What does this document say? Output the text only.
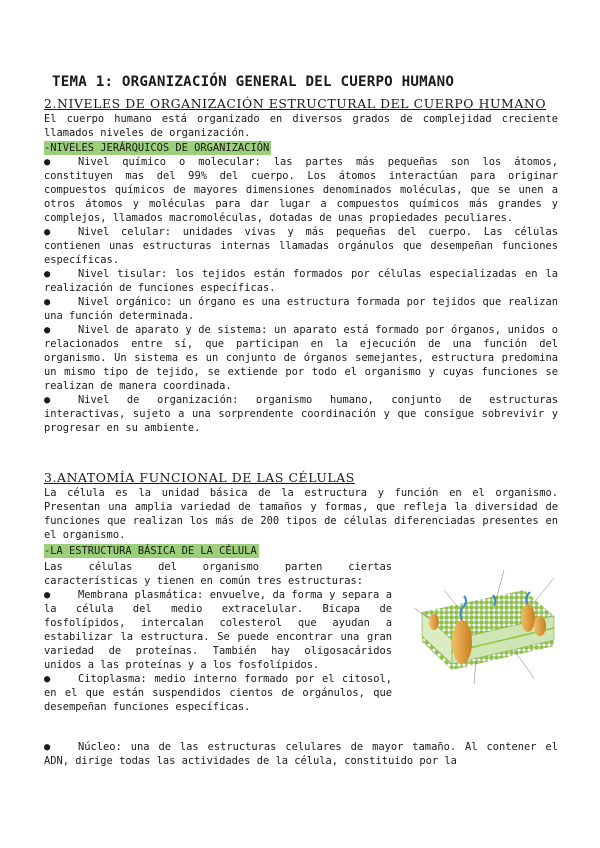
TEMA 1: ORGANIZACIÓN GENERAL DEL CUERPO HUMANO
2.NIVELES DE ORGANIZACIÓN ESTRUCTURAL DEL CUERPO HUMANO

El cuerpo humano está organizado en diversos grados de complejidad creciente llamados niveles de organización.

-NIVELES JERÁRQUICOS DE ORGANIZACIÓN

●	Nivel químico o molecular: las partes más pequeñas son los átomos, constituyen mas del 99% del cuerpo. Los átomos interactúan para originar compuestos químicos de mayores dimensiones denominados moléculas, que se unen a otros átomos y moléculas para dar lugar a compuestos químicos más grandes y complejos, llamados macromoléculas, dotadas de unas propiedades peculiares.

●	Nivel celular: unidades vivas y más pequeñas del cuerpo. Las células contienen unas estructuras internas llamadas orgánulos que desempeñan funciones específicas.

●	Nivel tisular: los tejidos están formados por células especializadas en la realización de funciones específicas.

●	Nivel orgánico: un órgano es una estructura formada por tejidos que realizan una función determinada.

●	Nivel de aparato y de sistema: un aparato está formado por órganos, unidos o relacionados entre sí, que participan en la ejecución de una función del organismo. Un sistema es un conjunto de órganos semejantes, estructura predomina un mismo tipo de tejido, se extiende por todo el organismo y cuyas funciones se realizan de manera coordinada.

●	Nivel de organización: organismo humano, conjunto de estructuras interactivas, sujeto a una sorprendente coordinación y que consigue sobrevivir y progresar en su ambiente.

3.ANATOMÍA FUNCIONAL DE LAS CÉLULAS

La célula es la unidad básica de la estructura y función en el organismo. Presentan una amplia variedad de tamaños y formas, que refleja la diversidad de funciones que realizan los más de 200 tipos de células diferenciadas presentes en el organismo.

-LA ESTRUCTURA BÁSICA DE LA CÉLULA

Las células del organismo parten ciertas características y tienen en común tres estructuras:

●	Membrana plasmática: envuelve, da forma y separa a la célula del medio extracelular. Bicapa de fosfolípidos, intercalan colesterol que ayudan a estabilizar la estructura. Se puede encontrar una gran variedad de proteínas. También hay oligosacáridos unidos a las proteínas y a los fosfolípidos.

●	Citoplasma: medio interno formado por el citosol, en el que están suspendidos cientos de orgánulos, que desempeñan funciones específicas.

●	Núcleo: una de las estructuras celulares de mayor tamaño. Al contener el ADN, dirige todas las actividades de la célula, constituido por la
